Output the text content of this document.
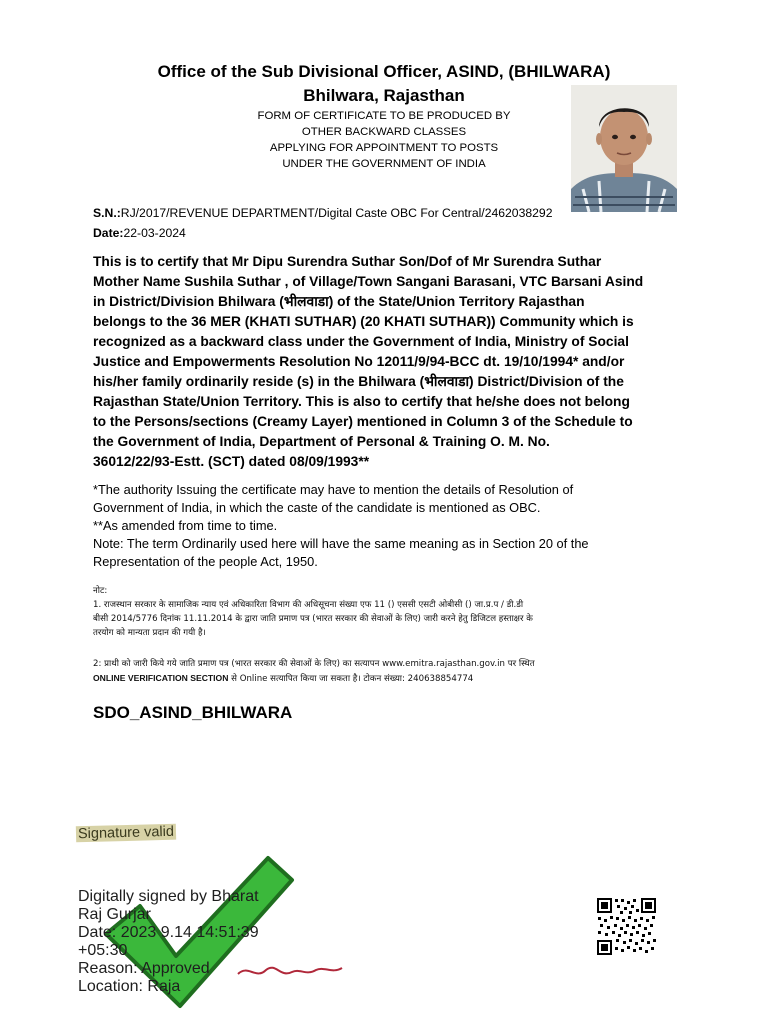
Office of the Sub Divisional Officer, ASIND, (BHILWARA)
Bhilwara, Rajasthan
FORM OF CERTIFICATE TO BE PRODUCED BY
OTHER BACKWARD CLASSES
APPLYING FOR APPOINTMENT TO POSTS
UNDER THE GOVERNMENT OF INDIA
S.N.:RJ/2017/REVENUE DEPARTMENT/Digital Caste OBC For Central/2462038292
Date:22-03-2024
This is to certify that Mr Dipu Surendra Suthar Son/Dof of Mr Surendra Suthar
Mother Name Sushila Suthar , of Village/Town Sangani Barasani, VTC Barsani Asind
in District/Division Bhilwara (भीलवाडा) of the State/Union Territory Rajasthan
belongs to the 36 MER (KHATI SUTHAR) (20 KHATI SUTHAR)) Community which is
recognized as a backward class under the Government of India, Ministry of Social
Justice and Empowerments Resolution No 12011/9/94-BCC dt. 19/10/1994* and/or
his/her family ordinarily reside (s) in the Bhilwara (भीलवाडा) District/Division of the
Rajasthan State/Union Territory. This is also to certify that he/she does not belong
to the Persons/sections (Creamy Layer) mentioned in Column 3 of the Schedule to
the Government of India, Department of Personal & Training O. M. No.
36012/22/93-Estt. (SCT) dated 08/09/1993**
*The authority Issuing the certificate may have to mention the details of Resolution of
Government of India, in which the caste of the candidate is mentioned as OBC.
**As amended from time to time.
Note: The term Ordinarily used here will have the same meaning as in Section 20 of the
Representation of the people Act, 1950.
नोट:
1. राजस्थान सरकार के सामाजिक न्याय एवं अधिकारिता विभाग की अधिसूचना संख्या एफ 11 () एससी एसटी ओबीसी () जा.प्र.प / डी.डी
बीसी 2014/5776 दिनांक 11.11.2014 के द्वारा जाति प्रमाण पत्र (भारत सरकार की सेवाओं के लिए) जारी करने हेतु डिजिटल हस्ताक्षर के
तरयोग को मान्यता प्रदान की गयी है।
2: प्राथी को जारी किये गये जाति प्रमाण पत्र (भारत सरकार की सेवाओं के लिए) का सत्यापन www.emitra.rajasthan.gov.in पर स्थित
ONLINE VERIFICATION SECTION से Online सत्यापित किया जा सकता है। टोकन संख्या: 240638854774
SDO_ASIND_BHILWARA
Signature valid
Digitally signed by Bharat
Raj Gurjar
Date: 2023 9.14 14:51:39
+05:30
Reason: Approved
Location: Raja
